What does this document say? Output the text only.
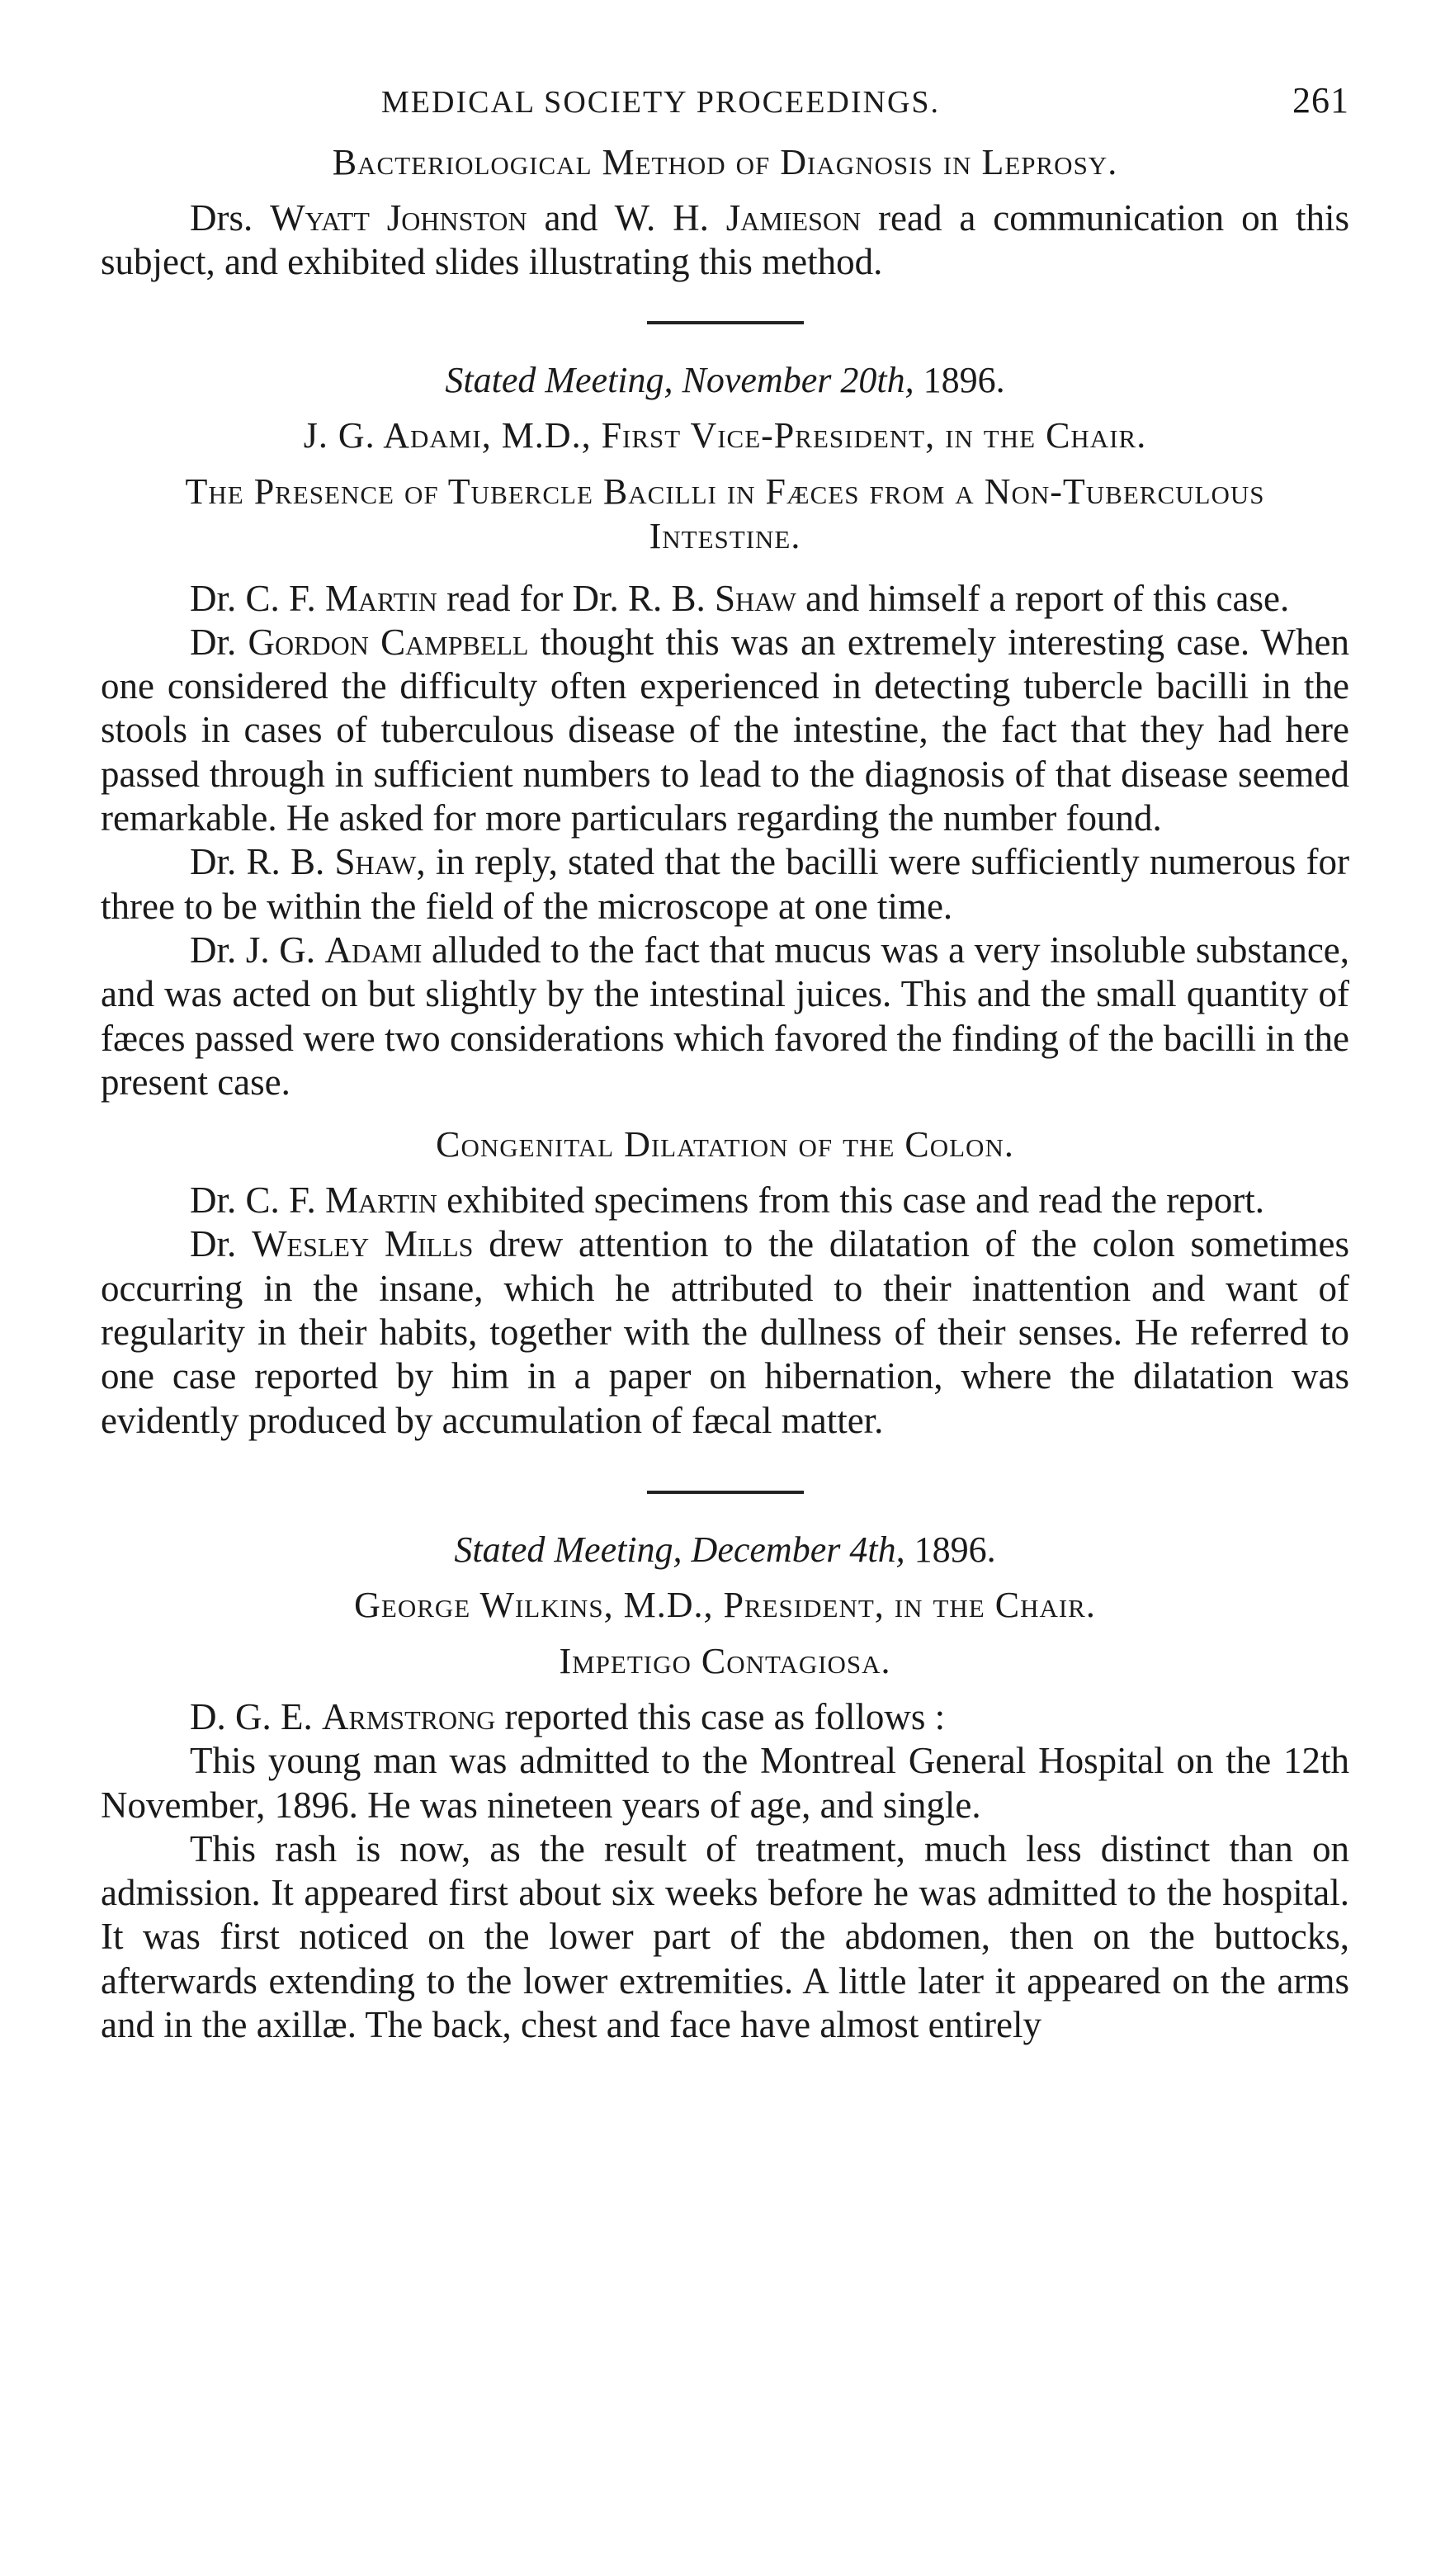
MEDICAL SOCIETY PROCEEDINGS.	261
Bacteriological Method of Diagnosis in Leprosy.

Drs. Wyatt Johnston and W. H. Jamieson read a communication on this subject, and exhibited slides illustrating this method.

Stated Meeting, November 20th, 1896.
J. G. Adami, M.D., First Vice-President, in the Chair.
The Presence of Tubercle Bacilli in Fæces from a Non-Tuberculous Intestine.

Dr. C. F. Martin read for Dr. R. B. Shaw and himself a report of this case.

Dr. Gordon Campbell thought this was an extremely interesting case. When one considered the difficulty often experienced in detecting tubercle bacilli in the stools in cases of tuberculous disease of the intestine, the fact that they had here passed through in sufficient numbers to lead to the diagnosis of that disease seemed remarkable. He asked for more particulars regarding the number found.

Dr. R. B. Shaw, in reply, stated that the bacilli were sufficiently numerous for three to be within the field of the microscope at one time.

Dr. J. G. Adami alluded to the fact that mucus was a very insoluble substance, and was acted on but slightly by the intestinal juices. This and the small quantity of fæces passed were two considerations which favored the finding of the bacilli in the present case.

Congenital Dilatation of the Colon.

Dr. C. F. Martin exhibited specimens from this case and read the report.

Dr. Wesley Mills drew attention to the dilatation of the colon sometimes occurring in the insane, which he attributed to their inattention and want of regularity in their habits, together with the dullness of their senses. He referred to one case reported by him in a paper on hibernation, where the dilatation was evidently produced by accumulation of fæcal matter.

Stated Meeting, December 4th, 1896.
George Wilkins, M.D., President, in the Chair.
Impetigo Contagiosa.

D. G. E. Armstrong reported this case as follows :

This young man was admitted to the Montreal General Hospital on the 12th November, 1896. He was nineteen years of age, and single.

This rash is now, as the result of treatment, much less distinct than on admission. It appeared first about six weeks before he was admitted to the hospital. It was first noticed on the lower part of the abdomen, then on the buttocks, afterwards extending to the lower extremities. A little later it appeared on the arms and in the axillæ. The back, chest and face have almost entirely
